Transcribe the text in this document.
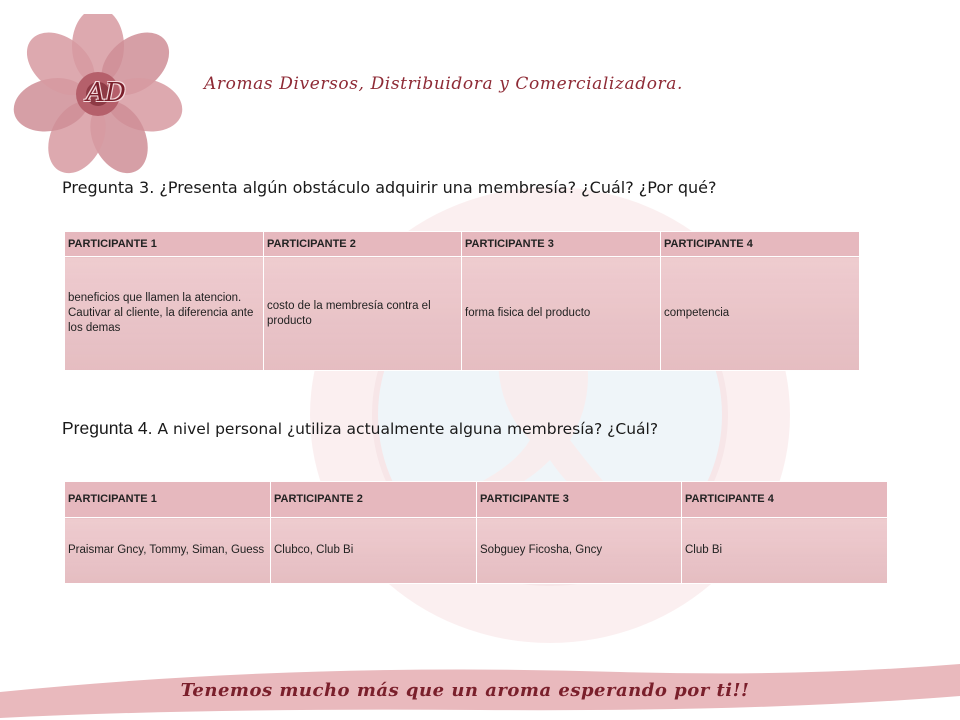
AD	Aromas Diversos, Distribuidora y Comercializadora.
Pregunta 3. ¿Presenta algún obstáculo adquirir una membresía? ¿Cuál? ¿Por qué?
PARTICIPANTE 1	PARTICIPANTE 2	PARTICIPANTE 3	PARTICIPANTE 4
beneficios que llamen la atencion. Cautivar al cliente, la diferencia ante los demas	costo de la membresía contra el producto	forma fisica del producto	competencia
Pregunta 4. A nivel personal ¿utiliza actualmente alguna membresía? ¿Cuál?
PARTICIPANTE 1	PARTICIPANTE 2	PARTICIPANTE 3	PARTICIPANTE 4
Praismar Gncy, Tommy, Siman, Guess	Clubco, Club Bi	Sobguey Ficosha, Gncy	Club Bi
Tenemos mucho más que un aroma esperando por ti!!
